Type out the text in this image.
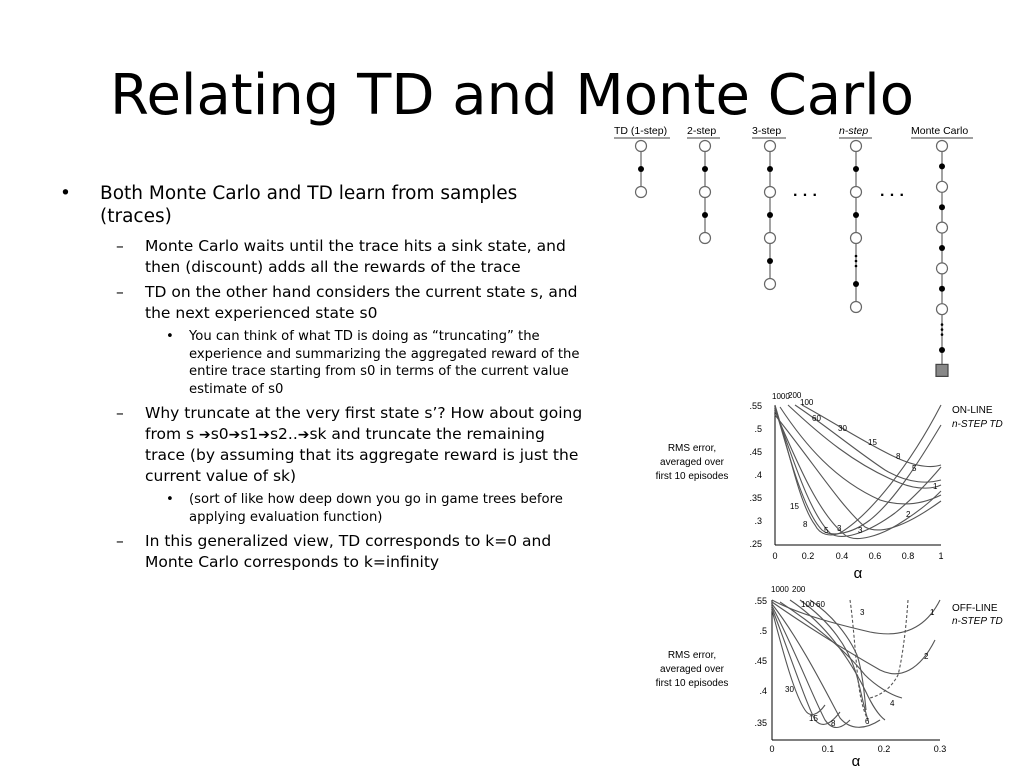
Relating TD and Monte Carlo
• Both Monte Carlo and TD learn from samples (traces)
– Monte Carlo waits until the trace hits a sink state, and then (discount) adds all the rewards of the trace
– TD on the other hand considers the current state s, and the next experienced state s0
• You can think of what TD is doing as “truncating” the experience and summarizing the aggregated reward of the entire trace starting from s0 in terms of the current value estimate of s0
– Why truncate at the very first state s’? How about going from s ➔s0➔s1➔s2..➔sk and truncate the remaining trace (by assuming that its aggregate reward is just the current value of sk)
• (sort of like how deep down you go in game trees before applying evaluation function)
– In this generalized view, TD corresponds to k=0 and Monte Carlo corresponds to k=infinity
TD (1-step) 2-step	3-step	n-step	Monte Carlo
· · ·	· · ·
RMS error,
averaged over
first 10 episodes
ON-LINE
n-STEP TD
.55
.5
.45
.4
.35
.3
.25
0	0.2 0.4 0.6 0.8	1
α
1000
200
100
60
30
15
8
5
1
2
3
15
8
5 3
RMS error,
averaged over
first 10 episodes
OFF-LINE
n-STEP TD
.55
.5
.45
.4
.35
0	0.1	0.2	0.3
α
1000 200
100 60
3	1
2
30
15
8	6
4
